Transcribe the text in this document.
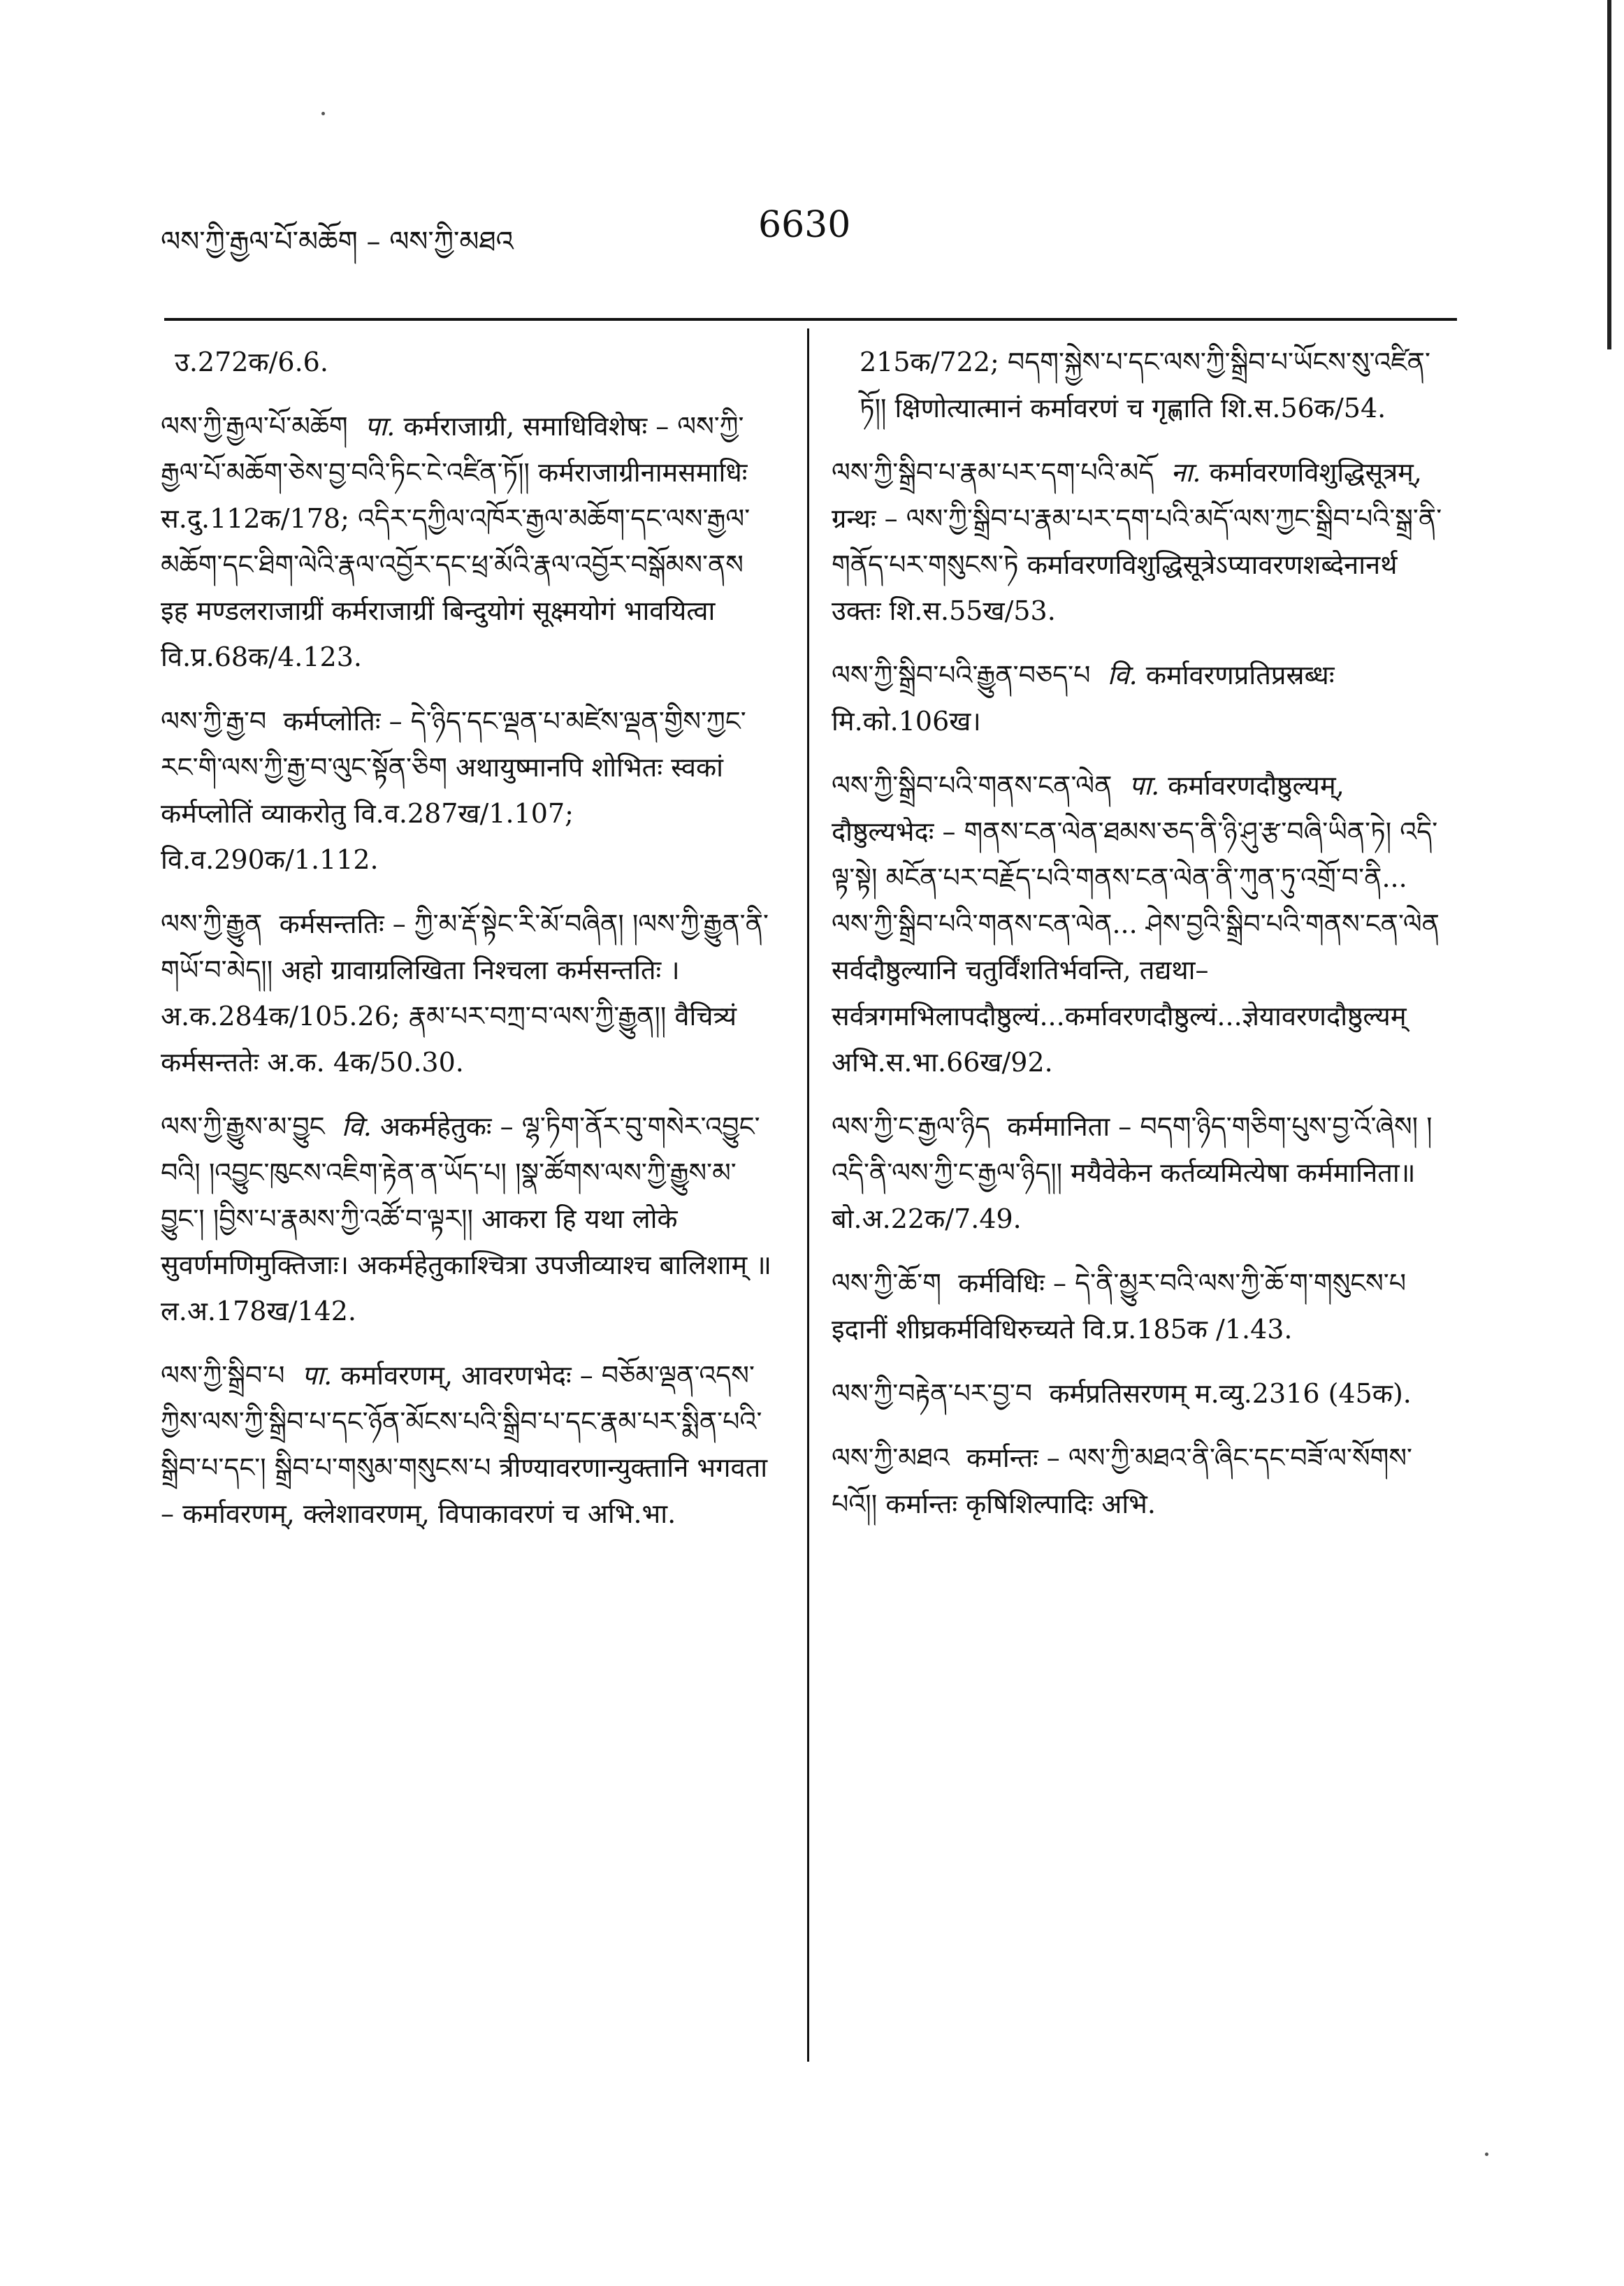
ལས་ཀྱི་རྒྱལ་པོ་མཆོག – ལས་ཀྱི་མཐའ	6630
उ.272क/6.6.
ལས་ཀྱི་རྒྱལ་པོ་མཆོག पा. कर्मराजाग्री, समाधिविशेषः – ལས་ཀྱི་རྒྱལ་པོ་མཆོག་ཅེས་བྱ་བའི་ཏིང་ངེ་འཛིན་ཏོ།། कर्मराजाग्रीनामसमाधिः स.दु.112क/178; འདིར་དཀྱིལ་འཁོར་རྒྱལ་མཆོག་དང་ལས་རྒྱལ་མཆོག་དང་ཐིག་ལེའི་རྣལ་འབྱོར་དང་ཕྲ་མོའི་རྣལ་འབྱོར་བསྒོམས་ནས इह मण्डलराजाग्रीं कर्मराजाग्रीं बिन्दुयोगं सूक्ष्मयोगं भावयित्वा वि.प्र.68क/4.123.
ལས་ཀྱི་རྒྱ་བ कर्मप्लोतिः – དེ་ཉིད་དང་ལྡན་པ་མཛེས་ལྡན་གྱིས་ཀྱང་རང་གི་ལས་ཀྱི་རྒྱ་བ་ལུང་སྟོན་ཅིག अथायुष्मानपि शोभितः स्वकां कर्मप्लोतिं व्याकरोतु वि.व.287ख/1.107; वि.व.290क/1.112.
ལས་ཀྱི་རྒྱུན कर्मसन्ततिः – ཀྱི་མ་རྡོ་སྟེང་རི་མོ་བཞིན། །ལས་ཀྱི་རྒྱུན་ནི་གཡོ་བ་མེད།། अहो ग्रावाग्रलिखिता निश्चला कर्मसन्ततिः । अ.क.284क/105.26; རྣམ་པར་བཀྲ་བ་ལས་ཀྱི་རྒྱུན།། वैचित्र्यं कर्मसन्ततेः अ.क. 4क/50.30.
ལས་ཀྱི་རྒྱུས་མ་བྱུང वि. अकर्महेतुकः – ལྷ་ཏིག་ནོར་བུ་གསེར་འབྱུང་བའི། །འབྱུང་ཁུངས་འཇིག་རྟེན་ན་ཡོད་པ། །སྣ་ཚོགས་ལས་ཀྱི་རྒྱུས་མ་བྱུང་། །བྱིས་པ་རྣམས་ཀྱི་འཚོ་བ་ལྟར།། आकरा हि यथा लोके सुवर्णमणिमुक्तिजाः। अकर्महेतुकाश्चित्रा उपजीव्याश्च बालिशाम् ॥ ल.अ.178ख/142.
ལས་ཀྱི་སྒྲིབ་པ पा. कर्मावरणम्, आवरणभेदः – བཅོམ་ལྡན་འདས་ཀྱིས་ལས་ཀྱི་སྒྲིབ་པ་དང་ཉོན་མོངས་པའི་སྒྲིབ་པ་དང་རྣམ་པར་སྨིན་པའི་སྒྲིབ་པ་དང་། སྒྲིབ་པ་གསུམ་གསུངས་པ त्रीण्यावरणान्युक्तानि भगवता – कर्मावरणम्, क्लेशावरणम्, विपाकावरणं च अभि.भा.
215क/722; བདག་སྐྱེས་པ་དང་ལས་ཀྱི་སྒྲིབ་པ་ཡོངས་སུ་འཛིན་ཏོ།། क्षिणोत्यात्मानं कर्मावरणं च गृह्णाति शि.स.56क/54.
ལས་ཀྱི་སྒྲིབ་པ་རྣམ་པར་དག་པའི་མདོ ना. कर्मावरणविशुद्धिसूत्रम्, ग्रन्थः – ལས་ཀྱི་སྒྲིབ་པ་རྣམ་པར་དག་པའི་མདོ་ལས་ཀྱང་སྒྲིབ་པའི་སྒྲ་ནི་གནོད་པར་གསུངས་ཏེ कर्मावरणविशुद्धिसूत्रेऽप्यावरणशब्देनानर्थ उक्तः शि.स.55ख/53.
ལས་ཀྱི་སྒྲིབ་པའི་རྒྱུན་བཅད་པ वि. कर्मावरणप्रतिप्रस्रब्धः मि.को.106ख।
ལས་ཀྱི་སྒྲིབ་པའི་གནས་ངན་ལེན पा. कर्मावरणदौष्ठुल्यम्, दौष्ठुल्यभेदः – གནས་ངན་ལེན་ཐམས་ཅད་ནི་ཉི་ཤུ་རྩ་བཞི་ཡིན་ཏེ། འདི་ལྟ་སྟེ། མངོན་པར་བརྗོད་པའི་གནས་ངན་ལེན་ནི་ཀུན་ཏུ་འགྲོ་བ་ནི... ལས་ཀྱི་སྒྲིབ་པའི་གནས་ངན་ལེན... ཤེས་བྱའི་སྒྲིབ་པའི་གནས་ངན་ལེན सर्वदौष्ठुल्यानि चतुर्विंशतिर्भवन्ति, तद्यथा–सर्वत्रगमभिलापदौष्ठुल्यं...कर्मावरणदौष्ठुल्यं...ज्ञेयावरणदौष्ठुल्यम् अभि.स.भा.66ख/92.
ལས་ཀྱི་ང་རྒྱལ་ཉིད कर्ममानिता – བདག་ཉིད་གཅིག་པུས་བྱ་འོ་ཞེས། །འདི་ནི་ལས་ཀྱི་ང་རྒྱལ་ཉིད།། मयैवेकेन कर्तव्यमित्येषा कर्ममानिता॥ बो.अ.22क/7.49.
ལས་ཀྱི་ཆོ་ག कर्मविधिः – དེ་ནི་མྱུར་བའི་ལས་ཀྱི་ཆོ་ག་གསུངས་པ इदानीं शीघ्रकर्मविधिरुच्यते वि.प्र.185क /1.43.
ལས་ཀྱི་བརྟེན་པར་བྱ་བ कर्मप्रतिसरणम् म.व्यु.2316 (45क).
ལས་ཀྱི་མཐའ कर्मान्तः – ལས་ཀྱི་མཐའ་ནི་ཞིང་དང་བཟོ་ལ་སོགས་པའོ།། कर्मान्तः कृषिशिल्पादिः अभि.
